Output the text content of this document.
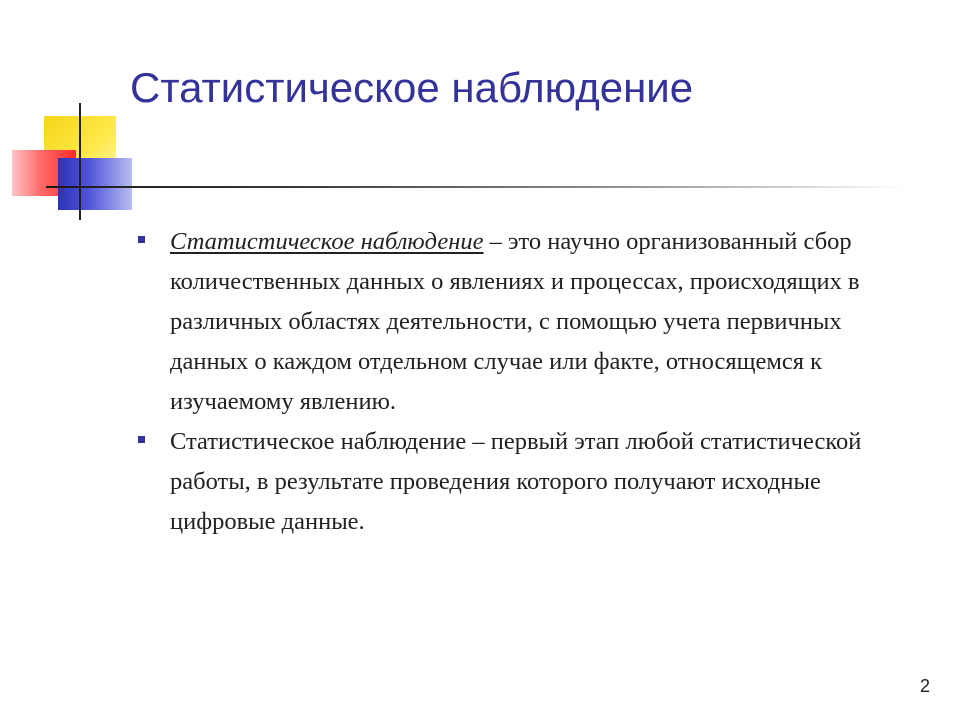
Статистическое наблюдение
Статистическое наблюдение – это научно организованный сбор количественных данных о явлениях и процессах, происходящих в различных областях деятельности, с помощью учета первичных данных о каждом отдельном случае или факте, относящемся к изучаемому явлению.
Статистическое наблюдение – первый этап любой статистической работы, в результате проведения которого получают исходные цифровые данные.
2
